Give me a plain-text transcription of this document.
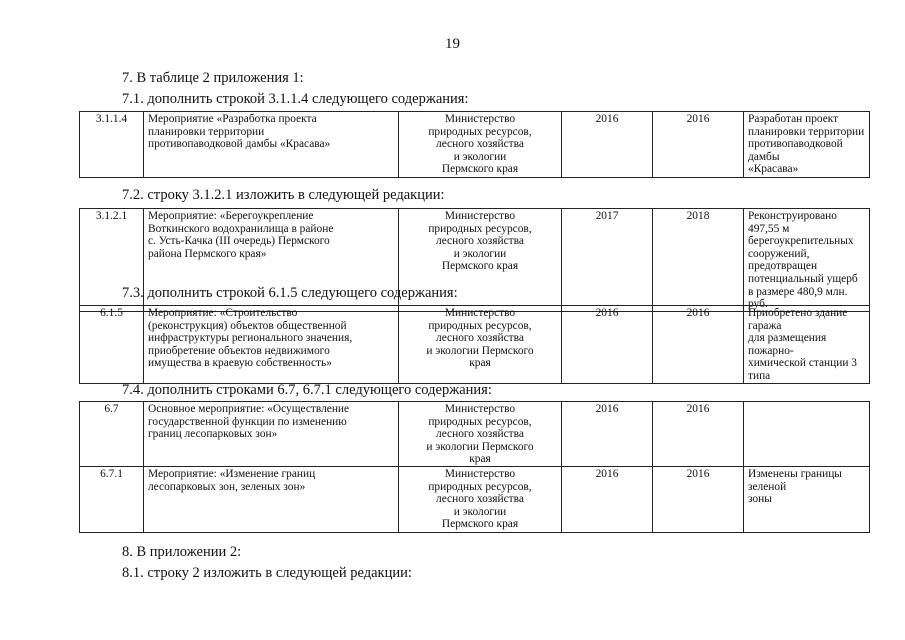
19
7. В таблице 2 приложения 1:
7.1. дополнить строкой 3.1.1.4 следующего содержания:
3.1.1.4	Мероприятие «Разработка проекта
планировки территории
противопаводковой дамбы «Красава»	Министерство
природных ресурсов,
лесного хозяйства
и экологии
Пермского края	2016	2016	Разработан проект
планировки территории
противопаводковой дамбы
«Красава»
7.2. строку 3.1.2.1 изложить в следующей редакции:
3.1.2.1	Мероприятие: «Берегоукрепление
Воткинского водохранилища в районе
с. Усть-Качка (III очередь) Пермского
района Пермского края»	Министерство
природных ресурсов,
лесного хозяйства
и экологии
Пермского края	2017	2018	Реконструировано 497,55 м
берегоукрепительных
сооружений, предотвращен
потенциальный ущерб
в размере 480,9 млн. руб.
7.3. дополнить строкой 6.1.5 следующего содержания:
6.1.5	Мероприятие: «Строительство
(реконструкция) объектов общественной
инфраструктуры регионального значения,
приобретение объектов недвижимого
имущества в краевую собственность»	Министерство
природных ресурсов,
лесного хозяйства
и экологии Пермского
края	2016	2016	Приобретено здание гаража
для размещения пожарно-
химической станции 3 типа
7.4. дополнить строками 6.7, 6.7.1 следующего содержания:
6.7	Основное мероприятие: «Осуществление
государственной функции по изменению
границ лесопарковых зон»	Министерство
природных ресурсов,
лесного хозяйства
и экологии Пермского
края	2016	2016	
6.7.1	Мероприятие: «Изменение границ
лесопарковых зон, зеленых зон»	Министерство
природных ресурсов,
лесного хозяйства
и экологии
Пермского края	2016	2016	Изменены границы зеленой
зоны
8. В приложении 2:
8.1. строку 2 изложить в следующей редакции:
